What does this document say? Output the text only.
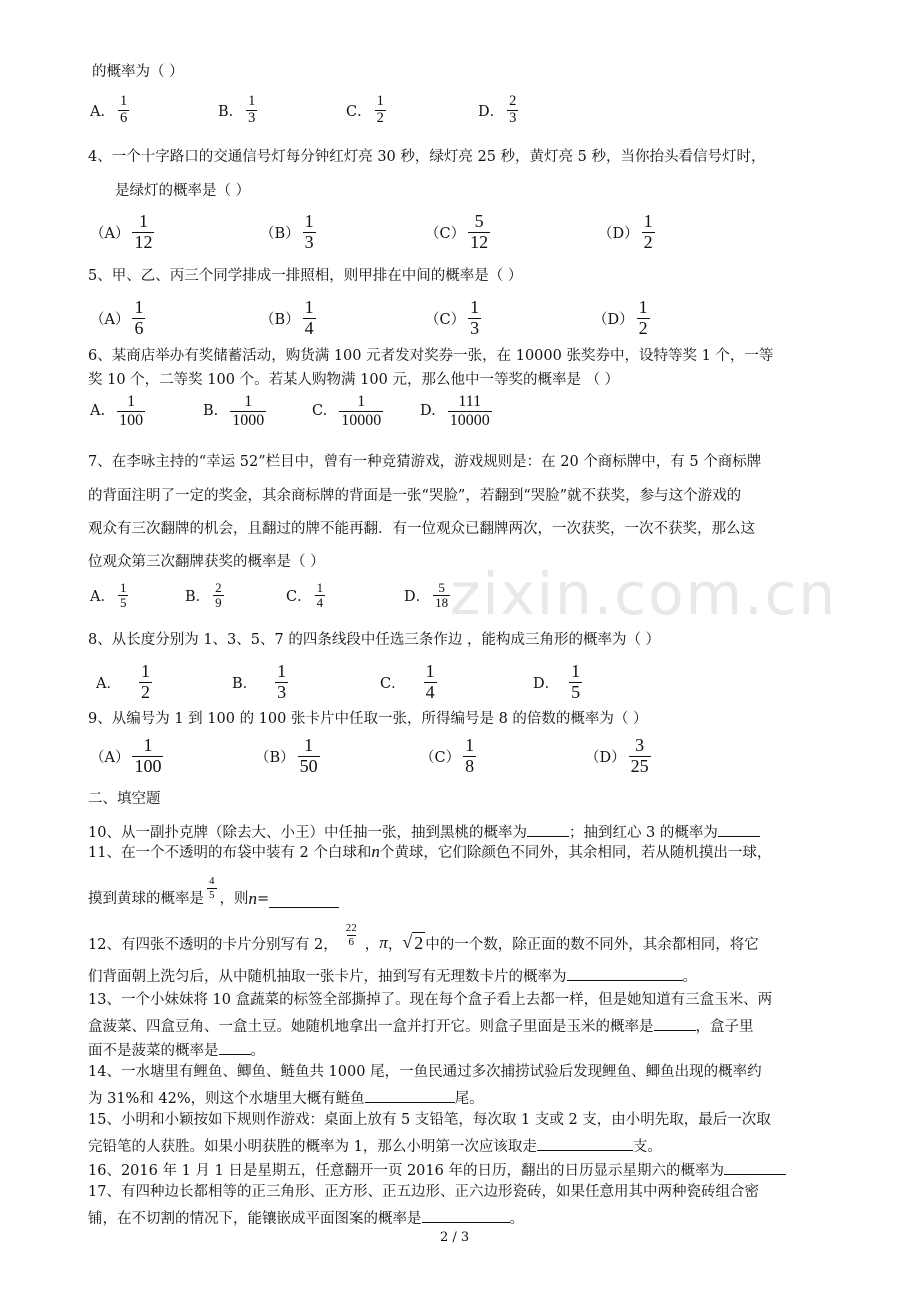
zixin.com.cn
的概率为（ ）
A． $\frac{1}{6}$	B． $\frac{1}{3}$	C． $\frac{1}{2}$	D． $\frac{2}{3}$
4、一个十字路口的交通信号灯每分钟红灯亮 30 秒，绿灯亮 25 秒，黄灯亮 5 秒，当你抬头看信号灯时，
是绿灯的概率是（ ）
$(A) \frac{1}{12}$	$(B) \frac{1}{3}$	$(C) \frac{5}{12}$	$(D) \frac{1}{2}$
5、甲、乙、丙三个同学排成一排照相，则甲排在中间的概率是（ ）
$(A) \frac{1}{6}$	$(B) \frac{1}{4}$	$(C) \frac{1}{3}$	$(D) \frac{1}{2}$
6、某商店举办有奖储蓄活动，购货满 100 元者发对奖券一张，在 10000 张奖券中，设特等奖 1 个，一等
奖 10 个，二等奖 100 个。若某人购物满 100 元，那么他中一等奖的概率是 （ ）
A. $\frac{1}{100}$	B. $\frac{1}{1000}$	C. $\frac{1}{10000}$	D. $\frac{111}{10000}$
7、在李咏主持的“幸运 52”栏目中，曾有一种竞猜游戏，游戏规则是：在 20 个商标牌中，有 5 个商标牌
的背面注明了一定的奖金，其余商标牌的背面是一张“哭脸”，若翻到“哭脸”就不获奖，参与这个游戏的
观众有三次翻牌的机会，且翻过的牌不能再翻．有一位观众已翻牌两次，一次获奖，一次不获奖，那么这
位观众第三次翻牌获奖的概率是（ ）
A． $\frac{1}{5}$	B． $\frac{2}{9}$	C． $\frac{1}{4}$	D． $\frac{5}{18}$
8、从长度分别为 1、3、5、7 的四条线段中任选三条作边 ，能构成三角形的概率为（ ）
A． $\frac{1}{2}$	B． $\frac{1}{3}$	C． $\frac{1}{4}$	D． $\frac{1}{5}$
9、从编号为 1 到 100 的 100 张卡片中任取一张，所得编号是 8 的倍数的概率为（ ）
$(A) \frac{1}{100}$	$(B) \frac{1}{50}$	$(C) \frac{1}{8}$	$(D) \frac{3}{25}$
二、填空题
10、从一副扑克牌（除去大、小王）中任抽一张，抽到黑桃的概率为	；抽到红心 3 的概率为
11、在一个不透明的布袋中装有 2 个白球和n个黄球，它们除颜色不同外，其余相同，若从随机摸出一球，
摸到黄球的概率是 $\frac{4}{5}$ ，则 n =
12、有四张不透明的卡片分别写有 2， $\frac{22}{6}$ ， π ， √ 2 中的一个数，除正面的数不同外，其余都相同，将它
们背面朝上洗匀后，从中随机抽取一张卡片，抽到写有无理数卡片的概率为	。
13、一个小妹妹将 10 盒蔬菜的标签全部撕掉了。现在每个盒子看上去都一样，但是她知道有三盒玉米、两
盒菠菜、四盒豆角、一盒土豆。她随机地拿出一盒并打开它。则盒子里面是玉米的概率是	，盒子里
面不是菠菜的概率是 。
14、一水塘里有鲤鱼、鲫鱼、鲢鱼共 1000 尾，一鱼民通过多次捕捞试验后发现鲤鱼、鲫鱼出现的概率约
为 31%和 42%，则这个水塘里大概有鲢鱼	尾。
15、小明和小颖按如下规则作游戏：桌面上放有 5 支铅笔，每次取 1 支或 2 支，由小明先取，最后一次取
完铅笔的人获胜。如果小明获胜的概率为 1，那么小明第一次应该取走	支。
16、2016 年 1 月 1 日是星期五，任意翻开一页 2016 年的日历，翻出的日历显示星期六的概率为
17、有四种边长都相等的正三角形、正方形、正五边形、正六边形瓷砖，如果任意用其中两种瓷砖组合密
铺，在不切割的情况下，能镶嵌成平面图案的概率是	。
2 / 3
